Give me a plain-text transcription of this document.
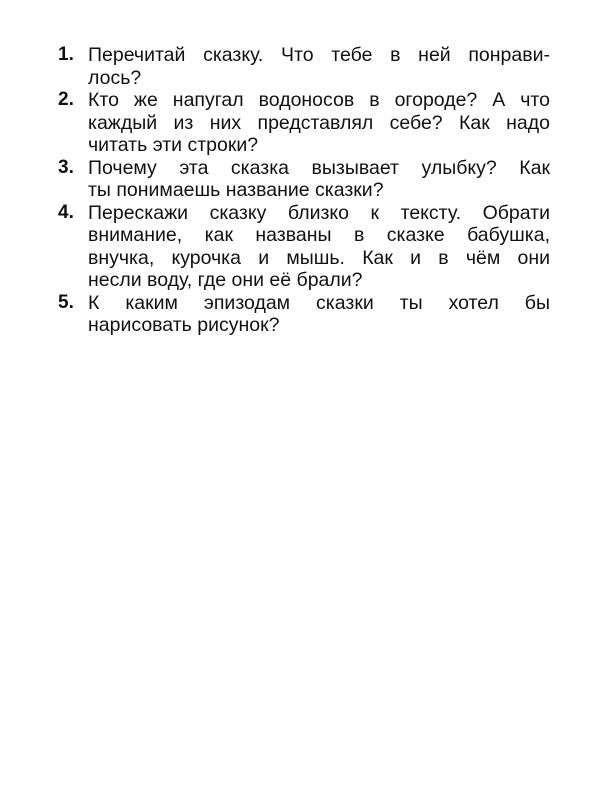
1. Перечитай сказку. Что тебе в ней понрави-
лось?
2. Кто же напугал водоносов в огороде? А что
каждый из них представлял себе? Как надо
читать эти строки?
3. Почему эта сказка вызывает улыбку? Как
ты понимаешь название сказки?
4. Перескажи сказку близко к тексту. Обрати
внимание, как названы в сказке бабушка,
внучка, курочка и мышь. Как и в чём они
несли воду, где они её брали?
5. К каким эпизодам сказки ты хотел бы
нарисовать рисунок?
